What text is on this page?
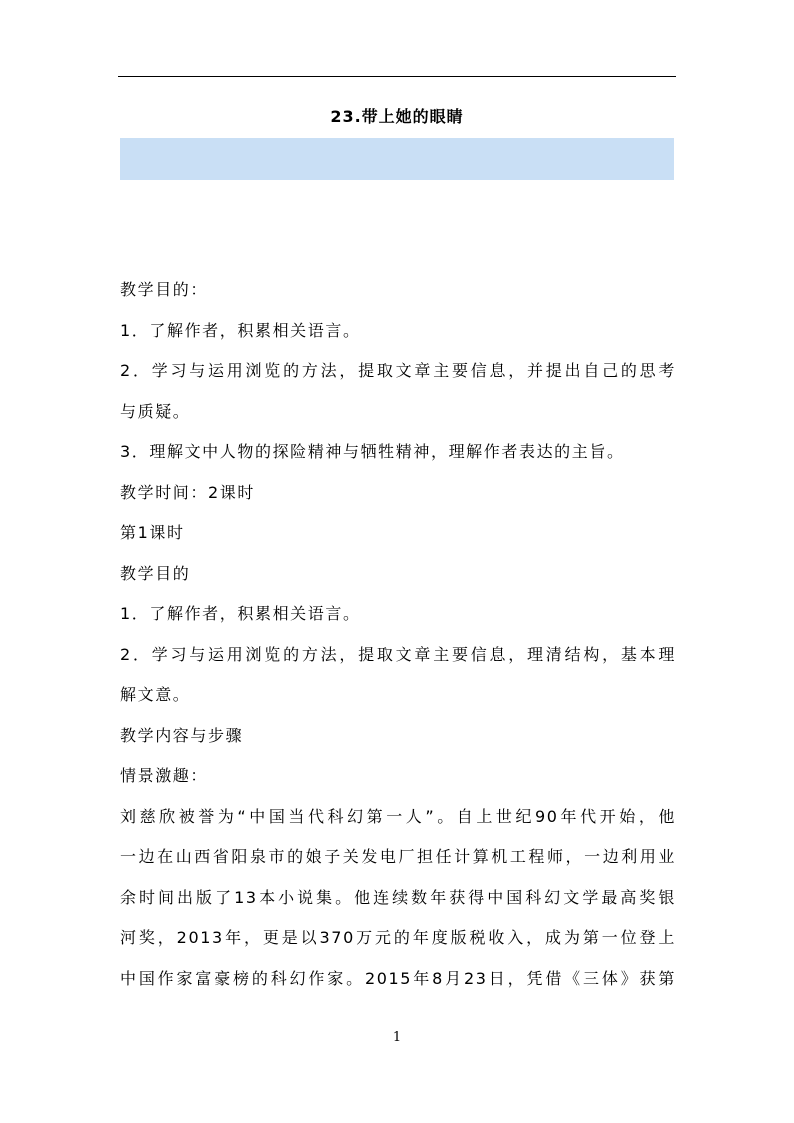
23.带上她的眼睛

教学目的：

1．了解作者，积累相关语言。

2．学习与运用浏览的方法，提取文章主要信息，并提出自己的思考

与质疑。

3．理解文中人物的探险精神与牺牲精神，理解作者表达的主旨。

教学时间：2课时

第1课时

教学目的

1．了解作者，积累相关语言。

2．学习与运用浏览的方法，提取文章主要信息，理清结构，基本理

解文意。

教学内容与步骤

情景激趣：

刘慈欣被誉为“中国当代科幻第一人”。自上世纪90年代开始，他

一边在山西省阳泉市的娘子关发电厂担任计算机工程师，一边利用业

余时间出版了13本小说集。他连续数年获得中国科幻文学最高奖银

河奖，2013年，更是以370万元的年度版税收入，成为第一位登上

中国作家富豪榜的科幻作家。2015年8月23日，凭借《三体》获第

1
